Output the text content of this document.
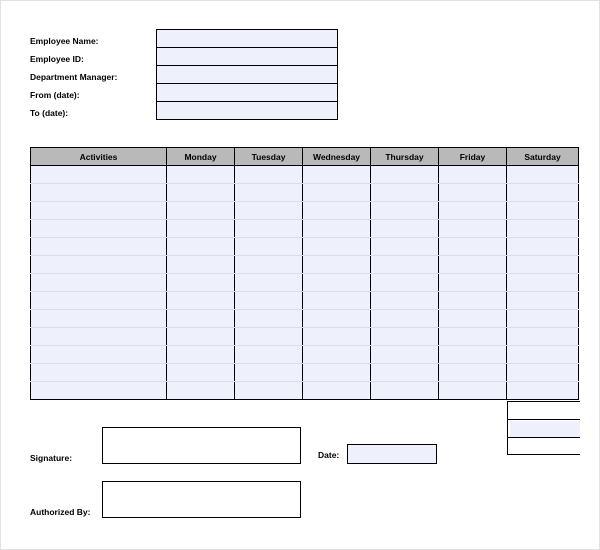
Employee Name:
Employee ID:
Department Manager:
From (date):
To (date):
Activities	Monday	Tuesday	Wednesday	Thursday	Friday	Saturday

Signature:	Date:
Authorized By:
